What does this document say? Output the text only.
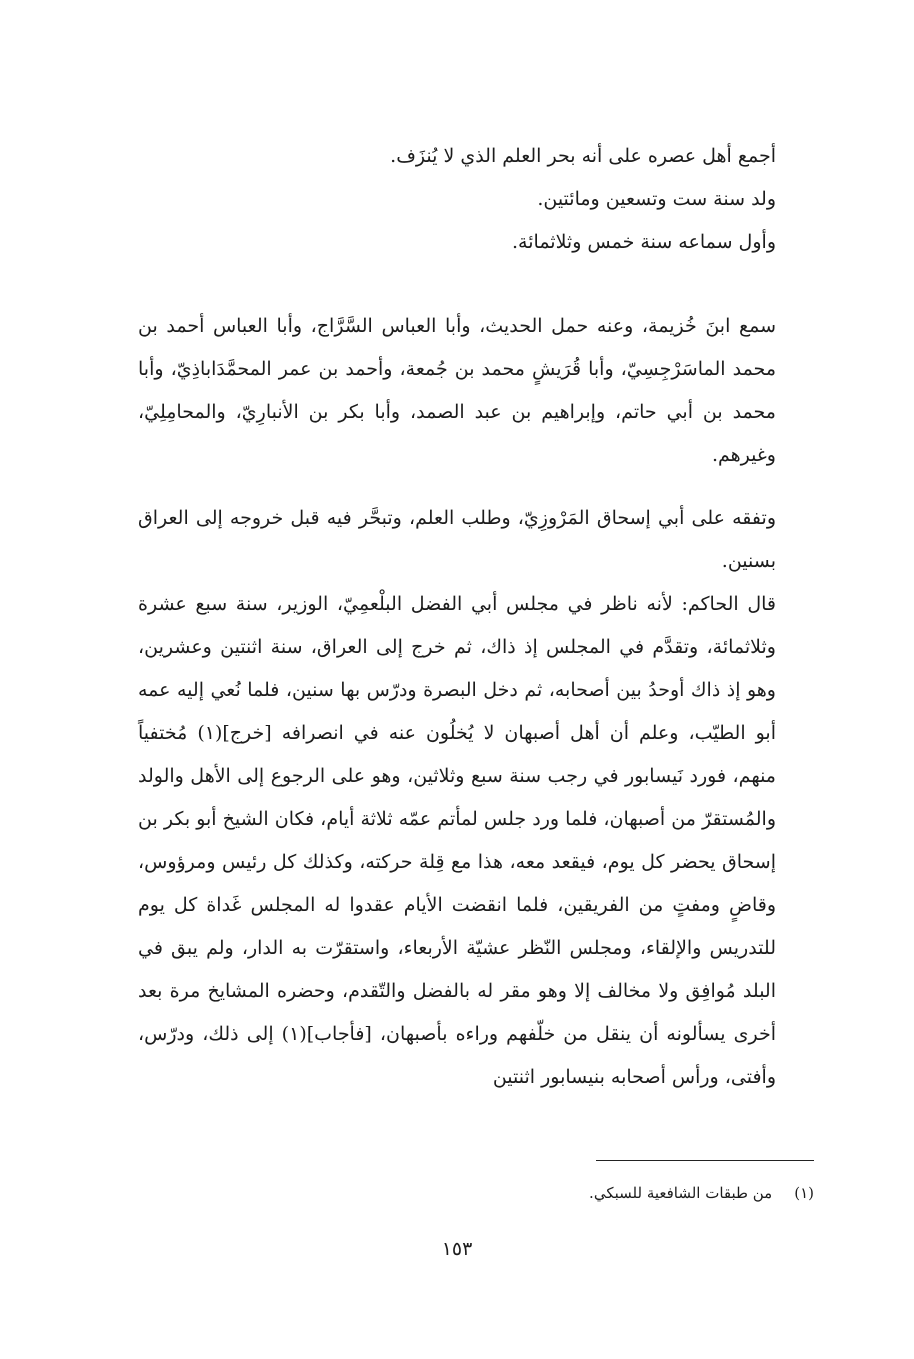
أجمع أهل عصره على أنه بحر العلم الذي لا يُنزَف.

ولد سنة ست وتسعين ومائتين.

وأول سماعه سنة خمس وثلاثمائة.

سمع ابنَ خُزيمة، وعنه حمل الحديث، وأبا العباس السَّرَّاج، وأبا العباس أحمد بن محمد الماسَرْجِسِيّ، وأبا قُرَيشٍ محمد بن جُمعة، وأحمد بن عمر المحمَّدَاباذِيّ، وأبا محمد بن أبي حاتم، وإبراهيم بن عبد الصمد، وأبا بكر بن الأنبارِيّ، والمحامِلِيّ، وغيرهم.

وتفقه على أبي إسحاق المَرْوزِيّ، وطلب العلم، وتبحَّر فيه قبل خروجه إلى العراق بسنين.

قال الحاكم: لأنه ناظر في مجلس أبي الفضل البلْعمِيّ، الوزير، سنة سبع عشرة وثلاثمائة، وتقدَّم في المجلس إذ ذاك، ثم خرج إلى العراق، سنة اثنتين وعشرين، وهو إذ ذاك أوحدُ بين أصحابه، ثم دخل البصرة ودرّس بها سنين، فلما نُعي إليه عمه أبو الطيّب، وعلم أن أهل أصبهان لا يُخلُون عنه في انصرافه [خرج](١) مُختفياً منهم، فورد نَيسابور في رجب سنة سبع وثلاثين، وهو على الرجوع إلى الأهل والولد والمُستقرّ من أصبهان، فلما ورد جلس لمأتم عمّه ثلاثة أيام، فكان الشيخ أبو بكر بن إسحاق يحضر كل يوم، فيقعد معه، هذا مع قِلة حركته، وكذلك كل رئيس ومرؤوس، وقاضٍ ومفتٍ من الفريقين، فلما انقضت الأيام عقدوا له المجلس غَداة كل يوم للتدريس والإلقاء، ومجلس النّظر عشيّة الأربعاء، واستقرّت به الدار، ولم يبق في البلد مُوافِق ولا مخالف إلا وهو مقر له بالفضل والتّقدم، وحضره المشايخ مرة بعد أخرى يسألونه أن ينقل من خلّفهم وراءه بأصبهان، [فأجاب](١) إلى ذلك، ودرّس، وأفتى، ورأس أصحابه بنيسابور اثنتين

(١)من طبقات الشافعية للسبكي.
١٥٣
